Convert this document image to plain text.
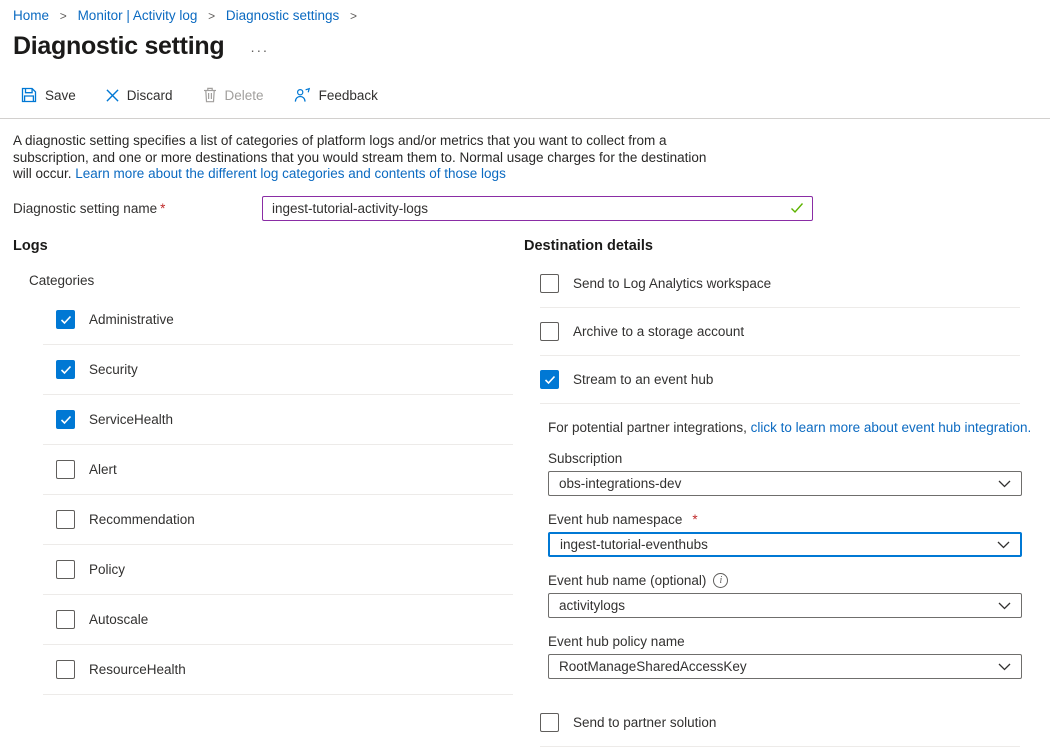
Home > Monitor | Activity log > Diagnostic settings >
Diagnostic setting ···
Save	Discard	Delete	Feedback

A diagnostic setting specifies a list of categories of platform logs and/or metrics that you want to collect from a subscription, and one or more destinations that you would stream them to. Normal usage charges for the destination will occur. Learn more about the different log categories and contents of those logs

Diagnostic setting name *
ingest-tutorial-activity-logs
Logs
Categories
Administrative
Security
ServiceHealth
Alert
Recommendation
Policy
Autoscale
ResourceHealth
Destination details
Send to Log Analytics workspace
Archive to a storage account
Stream to an event hub

For potential partner integrations, click to learn more about event hub integration.

Subscription
obs-integrations-dev
Event hub namespace *
ingest-tutorial-eventhubs
Event hub name (optional)	i
activitylogs
Event hub policy name
RootManageSharedAccessKey
Send to partner solution
